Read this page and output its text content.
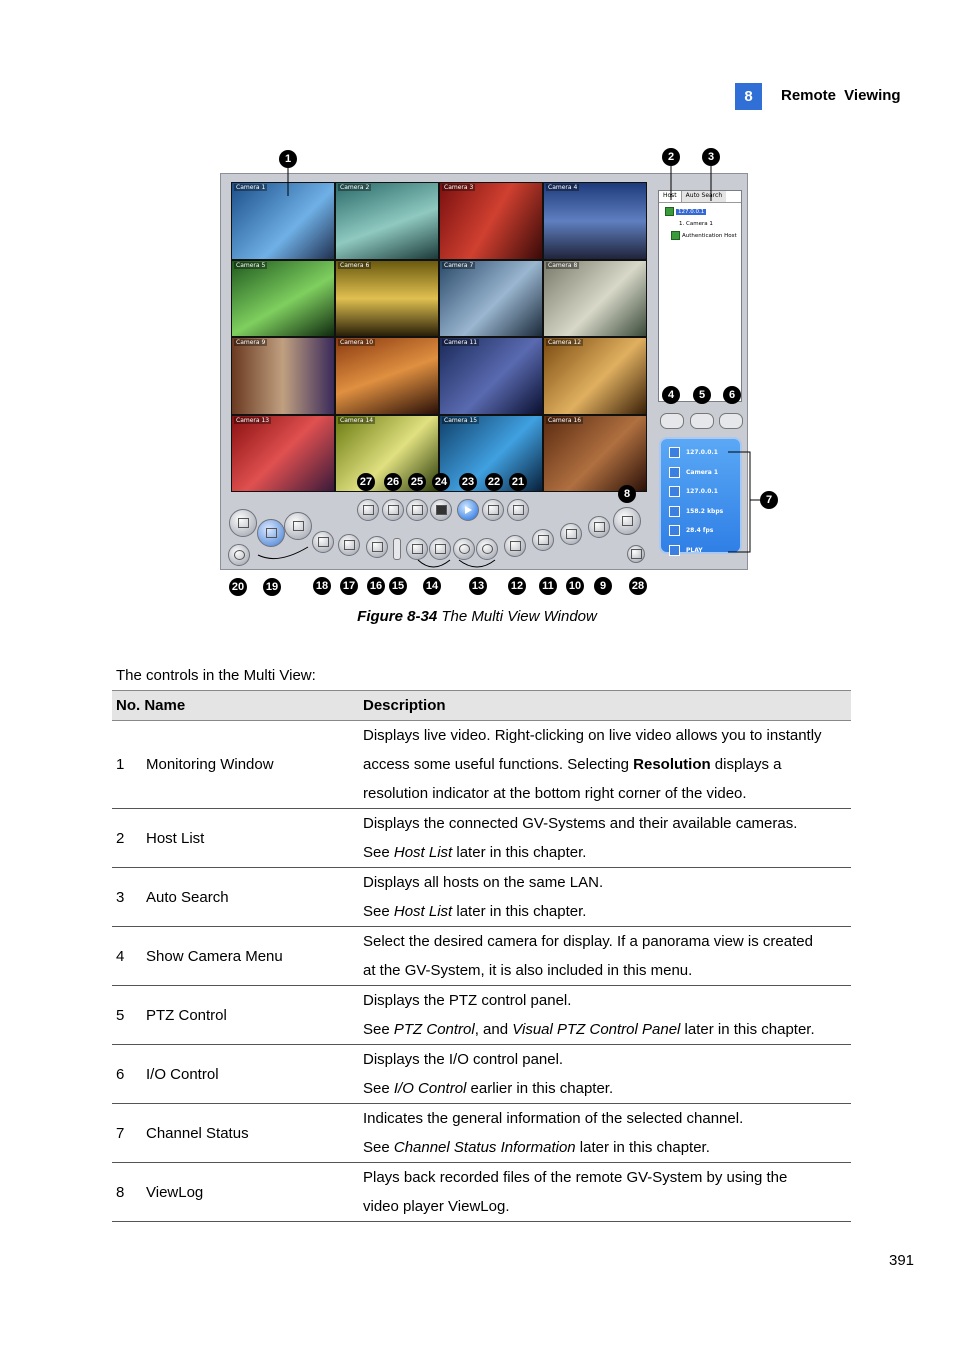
8	Remote Viewing
Camera 1	Camera 2	Camera 3	Camera 4
Camera 5	Camera 6	Camera 7	Camera 8
Camera 9	Camera 10	Camera 11	Camera 12
Camera 13	Camera 14	Camera 15	Camera 16
Host	Auto Search
127.0.0.1
1. Camera 1
Authentication Host
127.0.0.1
Camera 1
127.0.0.1
158.2 kbps
28.4 fps
PLAY
1	2	3
4	5	6
7
8
9
10
11
12
13
14
15
16
17
18
19
20
21
22
23
24
25
26
27
28
Figure 8-34 The Multi View Window
The controls in the Multi View:
No. Name		Description
1	Monitoring Window	Displays live video. Right-clicking on live video allows you to instantly
access some useful functions. Selecting Resolution displays a
resolution indicator at the bottom right corner of the video.
2	Host List	Displays the connected GV-Systems and their available cameras.
See Host List later in this chapter.
3	Auto Search	Displays all hosts on the same LAN.
See Host List later in this chapter.
4	Show Camera Menu	Select the desired camera for display. If a panorama view is created
at the GV-System, it is also included in this menu.
5	PTZ Control	Displays the PTZ control panel.
See PTZ Control, and Visual PTZ Control Panel later in this chapter.
6	I/O Control	Displays the I/O control panel.
See I/O Control earlier in this chapter.
7	Channel Status	Indicates the general information of the selected channel.
See Channel Status Information later in this chapter.
8	ViewLog	Plays back recorded files of the remote GV-System by using the
video player ViewLog.
391
